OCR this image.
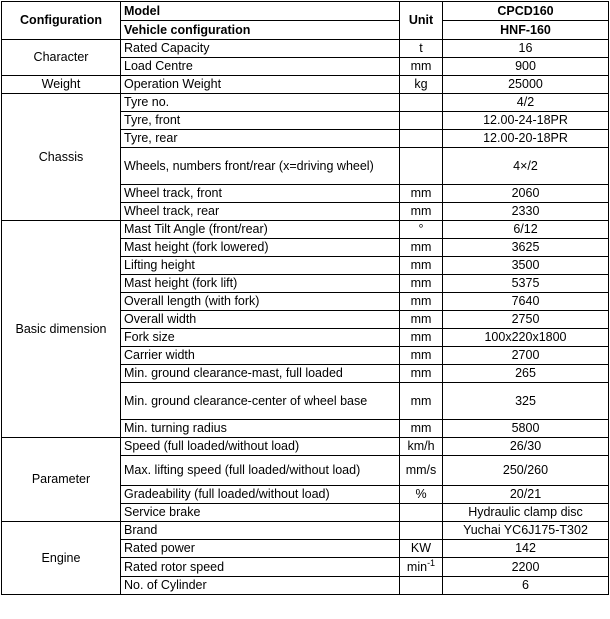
Configuration	Model	Unit	CPCD160
	Vehicle configuration		HNF-160
Character	Rated Capacity	t	16
	Load Centre	mm	900
Weight	Operation Weight	kg	25000
Chassis	Tyre no.		4/2
	Tyre, front		12.00-24-18PR
	Tyre, rear		12.00-20-18PR
	Wheels, numbers front/rear (x=driving wheel)		4×/2
	Wheel track, front	mm	2060
	Wheel track, rear	mm	2330
Basic dimension	Mast Tilt Angle (front/rear)	°	6/12
	Mast height (fork lowered)	mm	3625
	Lifting height	mm	3500
	Mast height (fork lift)	mm	5375
	Overall length (with fork)	mm	7640
	Overall width	mm	2750
	Fork size	mm	100x220x1800
	Carrier width	mm	2700
	Min. ground clearance-mast, full loaded	mm	265
	Min. ground clearance-center of wheel base	mm	325
	Min. turning radius	mm	5800
Parameter	Speed (full loaded/without load)	km/h	26/30
	Max. lifting speed (full loaded/without load)	mm/s	250/260
	Gradeability (full loaded/without load)	%	20/21
	Service brake		Hydraulic clamp disc
Engine	Brand		Yuchai YC6J175-T302
	Rated power	KW	142
	Rated rotor speed	$\min^{-1}$	2200
	No. of Cylinder		6
